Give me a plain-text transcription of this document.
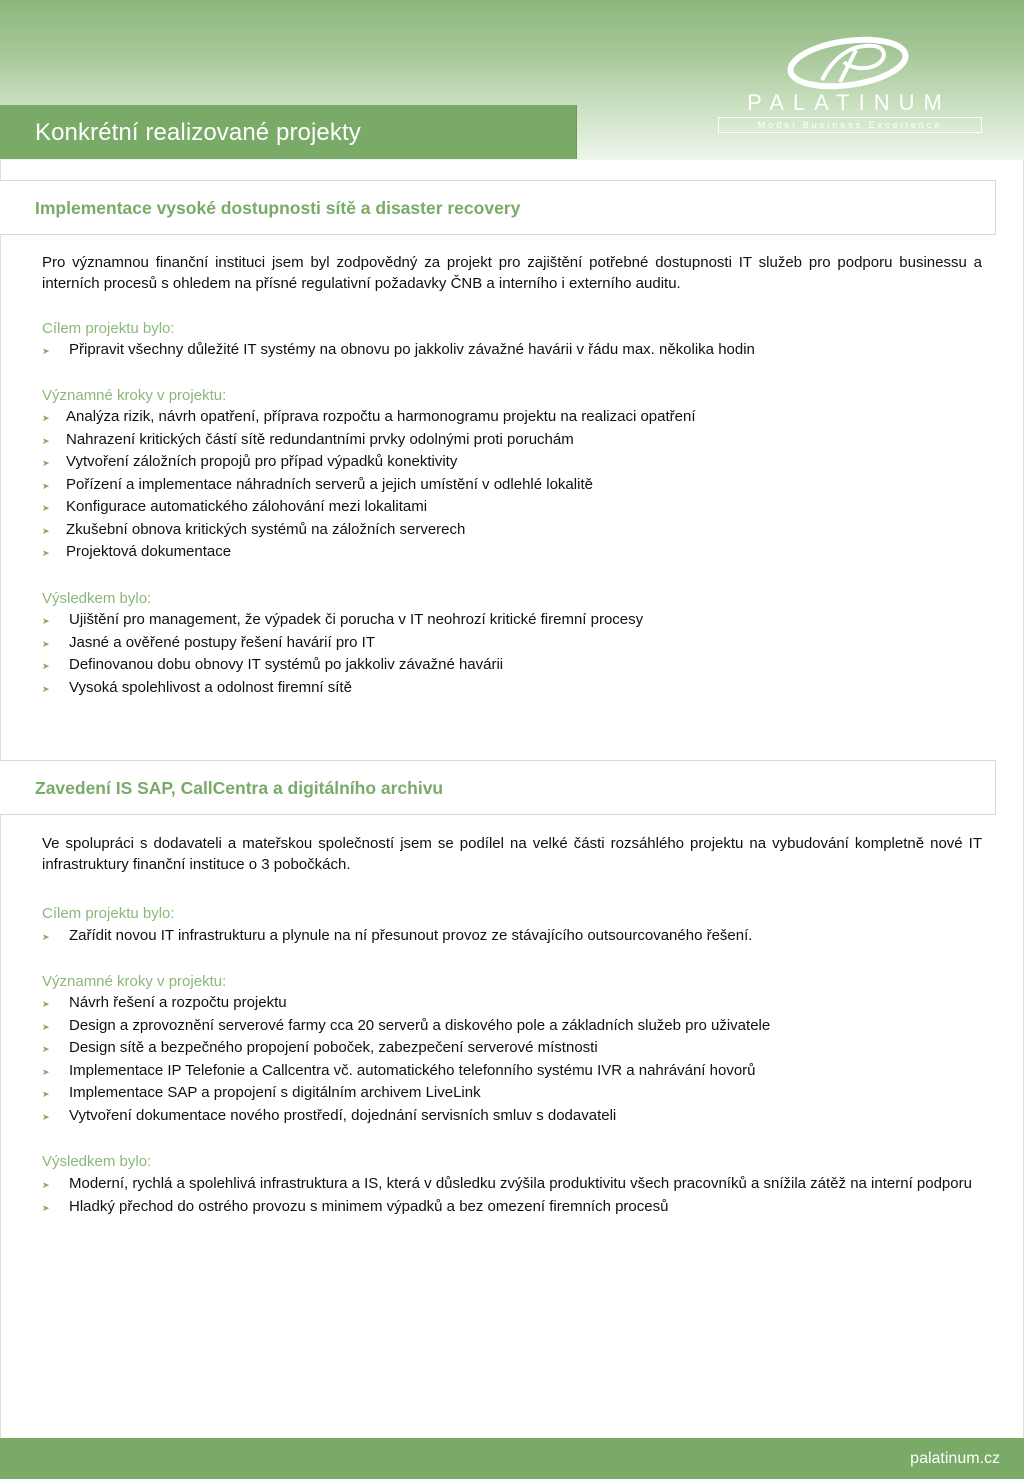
Konkrétní realizované projekty
PALATINUM
Model Business Excellence
Implementace vysoké dostupnosti sítě a disaster recovery
Pro významnou finanční instituci jsem byl zodpovědný za projekt pro zajištění potřebné dostupnosti IT služeb pro podporu businessu a interních procesů s ohledem na přísné regulativní požadavky ČNB a interního i externího auditu.
Cílem projektu bylo:
➤	Připravit všechny důležité IT systémy na obnovu po jakkoliv závažné havárii v řádu max. několika hodin
Významné kroky v projektu:
➤	Analýza rizik, návrh opatření, příprava rozpočtu a harmonogramu projektu na realizaci opatření
➤	Nahrazení kritických částí sítě redundantními prvky odolnými proti poruchám
➤	Vytvoření záložních propojů pro případ výpadků konektivity
➤	Pořízení a implementace náhradních serverů a jejich umístění v odlehlé lokalitě
➤	Konfigurace automatického zálohování mezi lokalitami
➤	Zkušební obnova kritických systémů na záložních serverech
➤	Projektová dokumentace
Výsledkem bylo:
➤	Ujištění pro management, že výpadek či porucha v IT neohrozí kritické firemní procesy
➤	Jasné a ověřené postupy řešení havárií pro IT
➤	Definovanou dobu obnovy IT systémů po jakkoliv závažné havárii
➤	Vysoká spolehlivost a odolnost firemní sítě
Zavedení IS SAP, CallCentra a digitálního archivu
Ve spolupráci s dodavateli a mateřskou společností jsem se podílel na velké části rozsáhlého projektu na vybudování kompletně nové IT infrastruktury finanční instituce o 3 pobočkách.
Cílem projektu bylo:
➤	Zařídit novou IT infrastrukturu a plynule na ní přesunout provoz ze stávajícího outsourcovaného řešení.
Významné kroky v projektu:
➤	Návrh řešení a rozpočtu projektu
➤	Design a zprovoznění serverové farmy cca 20 serverů a diskového pole a základních služeb pro uživatele
➤	Design sítě a bezpečného propojení poboček, zabezpečení serverové místnosti
➤	Implementace IP Telefonie a Callcentra vč. automatického telefonního systému IVR a nahrávání hovorů
➤	Implementace SAP a propojení s digitálním archivem LiveLink
➤	Vytvoření dokumentace nového prostředí, dojednání servisních smluv s dodavateli
Výsledkem bylo:
➤	Moderní, rychlá a spolehlivá infrastruktura a IS, která v důsledku zvýšila produktivitu všech pracovníků a snížila zátěž na interní podporu
➤	Hladký přechod do ostrého provozu s minimem výpadků a bez omezení firemních procesů
palatinum.cz
